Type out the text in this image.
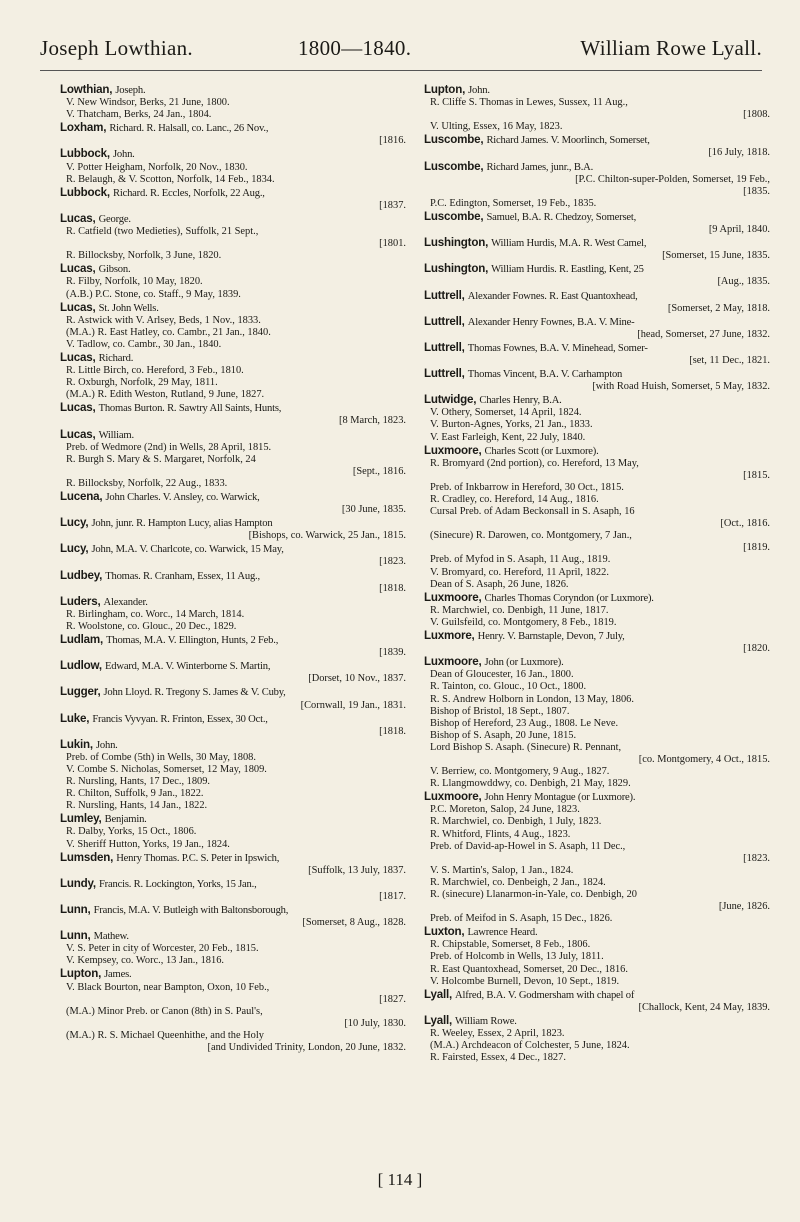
Joseph Lowthian.	1800—1840.	William Rowe Lyall.
Lowthian, Joseph.
V. New Windsor, Berks, 21 June, 1800.
V. Thatcham, Berks, 24 Jan., 1804.
Loxham, Richard. R. Halsall, co. Lanc., 26 Nov.,
[1816.
Lubbock, John.
V. Potter Heigham, Norfolk, 20 Nov., 1830.
R. Belaugh, & V. Scotton, Norfolk, 14 Feb., 1834.
Lubbock, Richard. R. Eccles, Norfolk, 22 Aug.,
[1837.
Lucas, George.
R. Catfield (two Medieties), Suffolk, 21 Sept.,
[1801.
R. Billocksby, Norfolk, 3 June, 1820.
Lucas, Gibson.
R. Filby, Norfolk, 10 May, 1820.
(A.B.) P.C. Stone, co. Staff., 9 May, 1839.
Lucas, St. John Wells.
R. Astwick with V. Arlsey, Beds, 1 Nov., 1833.
(M.A.) R. East Hatley, co. Cambr., 21 Jan., 1840.
V. Tadlow, co. Cambr., 30 Jan., 1840.
Lucas, Richard.
R. Little Birch, co. Hereford, 3 Feb., 1810.
R. Oxburgh, Norfolk, 29 May, 1811.
(M.A.) R. Edith Weston, Rutland, 9 June, 1827.
Lucas, Thomas Burton. R. Sawtry All Saints, Hunts,
[8 March, 1823.
Lucas, William.
Preb. of Wedmore (2nd) in Wells, 28 April, 1815.
R. Burgh S. Mary & S. Margaret, Norfolk, 24
[Sept., 1816.
R. Billocksby, Norfolk, 22 Aug., 1833.
Lucena, John Charles. V. Ansley, co. Warwick,
[30 June, 1835.
Lucy, John, junr. R. Hampton Lucy, alias Hampton
[Bishops, co. Warwick, 25 Jan., 1815.
Lucy, John, M.A. V. Charlcote, co. Warwick, 15 May,
[1823.
Ludbey, Thomas. R. Cranham, Essex, 11 Aug.,
[1818.
Luders, Alexander.
R. Birlingham, co. Worc., 14 March, 1814.
R. Woolstone, co. Glouc., 20 Dec., 1829.
Ludlam, Thomas, M.A. V. Ellington, Hunts, 2 Feb.,
[1839.
Ludlow, Edward, M.A. V. Winterborne S. Martin,
[Dorset, 10 Nov., 1837.
Lugger, John Lloyd. R. Tregony S. James & V. Cuby,
[Cornwall, 19 Jan., 1831.
Luke, Francis Vyvyan. R. Frinton, Essex, 30 Oct.,
[1818.
Lukin, John.
Preb. of Combe (5th) in Wells, 30 May, 1808.
V. Combe S. Nicholas, Somerset, 12 May, 1809.
R. Nursling, Hants, 17 Dec., 1809.
R. Chilton, Suffolk, 9 Jan., 1822.
R. Nursling, Hants, 14 Jan., 1822.
Lumley, Benjamin.
R. Dalby, Yorks, 15 Oct., 1806.
V. Sheriff Hutton, Yorks, 19 Jan., 1824.
Lumsden, Henry Thomas. P.C. S. Peter in Ipswich,
[Suffolk, 13 July, 1837.
Lundy, Francis. R. Lockington, Yorks, 15 Jan.,
[1817.
Lunn, Francis, M.A. V. Butleigh with Baltonsborough,
[Somerset, 8 Aug., 1828.
Lunn, Mathew.
V. S. Peter in city of Worcester, 20 Feb., 1815.
V. Kempsey, co. Worc., 13 Jan., 1816.
Lupton, James.
V. Black Bourton, near Bampton, Oxon, 10 Feb.,
[1827.
(M.A.) Minor Preb. or Canon (8th) in S. Paul's,
[10 July, 1830.
(M.A.) R. S. Michael Queenhithe, and the Holy
[and Undivided Trinity, London, 20 June, 1832.
Lupton, John.
R. Cliffe S. Thomas in Lewes, Sussex, 11 Aug.,
[1808.
V. Ulting, Essex, 16 May, 1823.
Luscombe, Richard James. V. Moorlinch, Somerset,
[16 July, 1818.
Luscombe, Richard James, junr., B.A.
[P.C. Chilton-super-Polden, Somerset, 19 Feb.,
[1835.
P.C. Edington, Somerset, 19 Feb., 1835.
Luscombe, Samuel, B.A. R. Chedzoy, Somerset,
[9 April, 1840.
Lushington, William Hurdis, M.A. R. West Camel,
[Somerset, 15 June, 1835.
Lushington, William Hurdis. R. Eastling, Kent, 25
[Aug., 1835.
Luttrell, Alexander Fownes. R. East Quantoxhead,
[Somerset, 2 May, 1818.
Luttrell, Alexander Henry Fownes, B.A. V. Mine-
[head, Somerset, 27 June, 1832.
Luttrell, Thomas Fownes, B.A. V. Minehead, Somer-
[set, 11 Dec., 1821.
Luttrell, Thomas Vincent, B.A. V. Carhampton
[with Road Huish, Somerset, 5 May, 1832.
Lutwidge, Charles Henry, B.A.
V. Othery, Somerset, 14 April, 1824.
V. Burton-Agnes, Yorks, 21 Jan., 1833.
V. East Farleigh, Kent, 22 July, 1840.
Luxmoore, Charles Scott (or Luxmore).
R. Bromyard (2nd portion), co. Hereford, 13 May,
[1815.
Preb. of Inkbarrow in Hereford, 30 Oct., 1815.
R. Cradley, co. Hereford, 14 Aug., 1816.
Cursal Preb. of Adam Beckonsall in S. Asaph, 16
[Oct., 1816.
(Sinecure) R. Darowen, co. Montgomery, 7 Jan.,
[1819.
Preb. of Myfod in S. Asaph, 11 Aug., 1819.
V. Bromyard, co. Hereford, 11 April, 1822.
Dean of S. Asaph, 26 June, 1826.
Luxmoore, Charles Thomas Coryndon (or Luxmore).
R. Marchwiel, co. Denbigh, 11 June, 1817.
V. Guilsfeild, co. Montgomery, 8 Feb., 1819.
Luxmore, Henry. V. Barnstaple, Devon, 7 July,
[1820.
Luxmoore, John (or Luxmore).
Dean of Gloucester, 16 Jan., 1800.
R. Tainton, co. Glouc., 10 Oct., 1800.
R. S. Andrew Holborn in London, 13 May, 1806.
Bishop of Bristol, 18 Sept., 1807.
Bishop of Hereford, 23 Aug., 1808. Le Neve.
Bishop of S. Asaph, 20 June, 1815.
Lord Bishop S. Asaph. (Sinecure) R. Pennant,
[co. Montgomery, 4 Oct., 1815.
V. Berriew, co. Montgomery, 9 Aug., 1827.
R. Llangmowddwy, co. Denbigh, 21 May, 1829.
Luxmoore, John Henry Montague (or Luxmore).
P.C. Moreton, Salop, 24 June, 1823.
R. Marchwiel, co. Denbigh, 1 July, 1823.
R. Whitford, Flints, 4 Aug., 1823.
Preb. of David-ap-Howel in S. Asaph, 11 Dec.,
[1823.
V. S. Martin's, Salop, 1 Jan., 1824.
R. Marchwiel, co. Denbeigh, 2 Jan., 1824.
R. (sinecure) Llanarmon-in-Yale, co. Denbigh, 20
[June, 1826.
Preb. of Meifod in S. Asaph, 15 Dec., 1826.
Luxton, Lawrence Heard.
R. Chipstable, Somerset, 8 Feb., 1806.
Preb. of Holcomb in Wells, 13 July, 1811.
R. East Quantoxhead, Somerset, 20 Dec., 1816.
V. Holcombe Burnell, Devon, 10 Sept., 1819.
Lyall, Alfred, B.A. V. Godmersham with chapel of
[Challock, Kent, 24 May, 1839.
Lyall, William Rowe.
R. Weeley, Essex, 2 April, 1823.
(M.A.) Archdeacon of Colchester, 5 June, 1824.
R. Fairsted, Essex, 4 Dec., 1827.
[ 114 ]
